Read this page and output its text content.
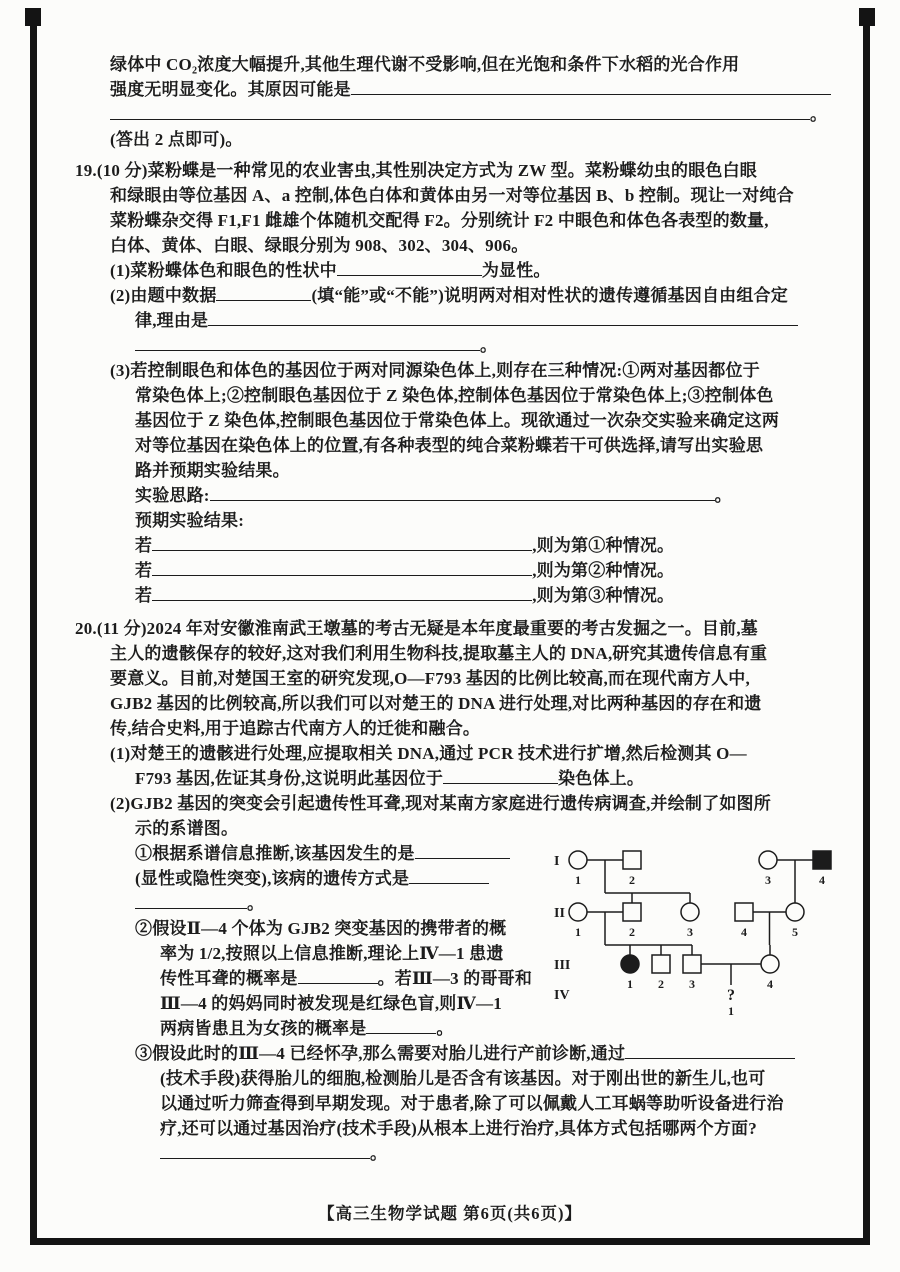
绿体中 CO₂浓度大幅提升,其他生理代谢不受影响,但在光饱和条件下水稻的光合作用
强度无明显变化。其原因可能是
。
(答出 2 点即可)。
19.(10 分)菜粉蝶是一种常见的农业害虫,其性别决定方式为 ZW 型。菜粉蝶幼虫的眼色白眼
和绿眼由等位基因 A、a 控制,体色白体和黄体由另一对等位基因 B、b 控制。现让一对纯合
菜粉蝶杂交得 F1,F1 雌雄个体随机交配得 F2。分别统计 F2 中眼色和体色各表型的数量,
白体、黄体、白眼、绿眼分别为 908、302、304、906。
(1)菜粉蝶体色和眼色的性状中	为显性。
(2)由题中数据	(填“能”或“不能”)说明两对相对性状的遗传遵循基因自由组合定
律,理由是
。
(3)若控制眼色和体色的基因位于两对同源染色体上,则存在三种情况:①两对基因都位于
常染色体上;②控制眼色基因位于 Z 染色体,控制体色基因位于常染色体上;③控制体色
基因位于 Z 染色体,控制眼色基因位于常染色体上。现欲通过一次杂交实验来确定这两
对等位基因在染色体上的位置,有各种表型的纯合菜粉蝶若干可供选择,请写出实验思
路并预期实验结果。
实验思路:	。
预期实验结果:
若	,则为第①种情况。
若	,则为第②种情况。
若	,则为第③种情况。
20.(11 分)2024 年对安徽淮南武王墩墓的考古无疑是本年度最重要的考古发掘之一。目前,墓
主人的遗骸保存的较好,这对我们利用生物科技,提取墓主人的 DNA,研究其遗传信息有重
要意义。目前,对楚国王室的研究发现,O—F793 基因的比例比较高,而在现代南方人中,
GJB2 基因的比例较高,所以我们可以对楚王的 DNA 进行处理,对比两种基因的存在和遗
传,结合史料,用于追踪古代南方人的迁徙和融合。
(1)对楚王的遗骸进行处理,应提取相关 DNA,通过 PCR 技术进行扩增,然后检测其 O—
F793 基因,佐证其身份,这说明此基因位于	染色体上。
(2)GJB2 基因的突变会引起遗传性耳聋,现对某南方家庭进行遗传病调查,并绘制了如图所
示的系谱图。
①根据系谱信息推断,该基因发生的是
(显性或隐性突变),该病的遗传方式是
。
②假设Ⅱ—4 个体为 GJB2 突变基因的携带者的概
率为 1/2,按照以上信息推断,理论上Ⅳ—1 患遗
传性耳聋的概率是	。若Ⅲ—3 的哥哥和
Ⅲ—4 的妈妈同时被发现是红绿色盲,则Ⅳ—1
两病皆患且为女孩的概率是	。
③假设此时的Ⅲ—4 已经怀孕,那么需要对胎儿进行产前诊断,通过
(技术手段)获得胎儿的细胞,检测胎儿是否含有该基因。对于刚出世的新生儿,也可
以通过听力筛查得到早期发现。对于患者,除了可以佩戴人工耳蜗等助听设备进行治
疗,还可以通过基因治疗(技术手段)从根本上进行治疗,具体方式包括哪两个方面?
。
I
II
III
IV
1	2	3	4
1	2	3	4	5
1 2 3	4
?
1
【高三生物学试题 第6页(共6页)】
